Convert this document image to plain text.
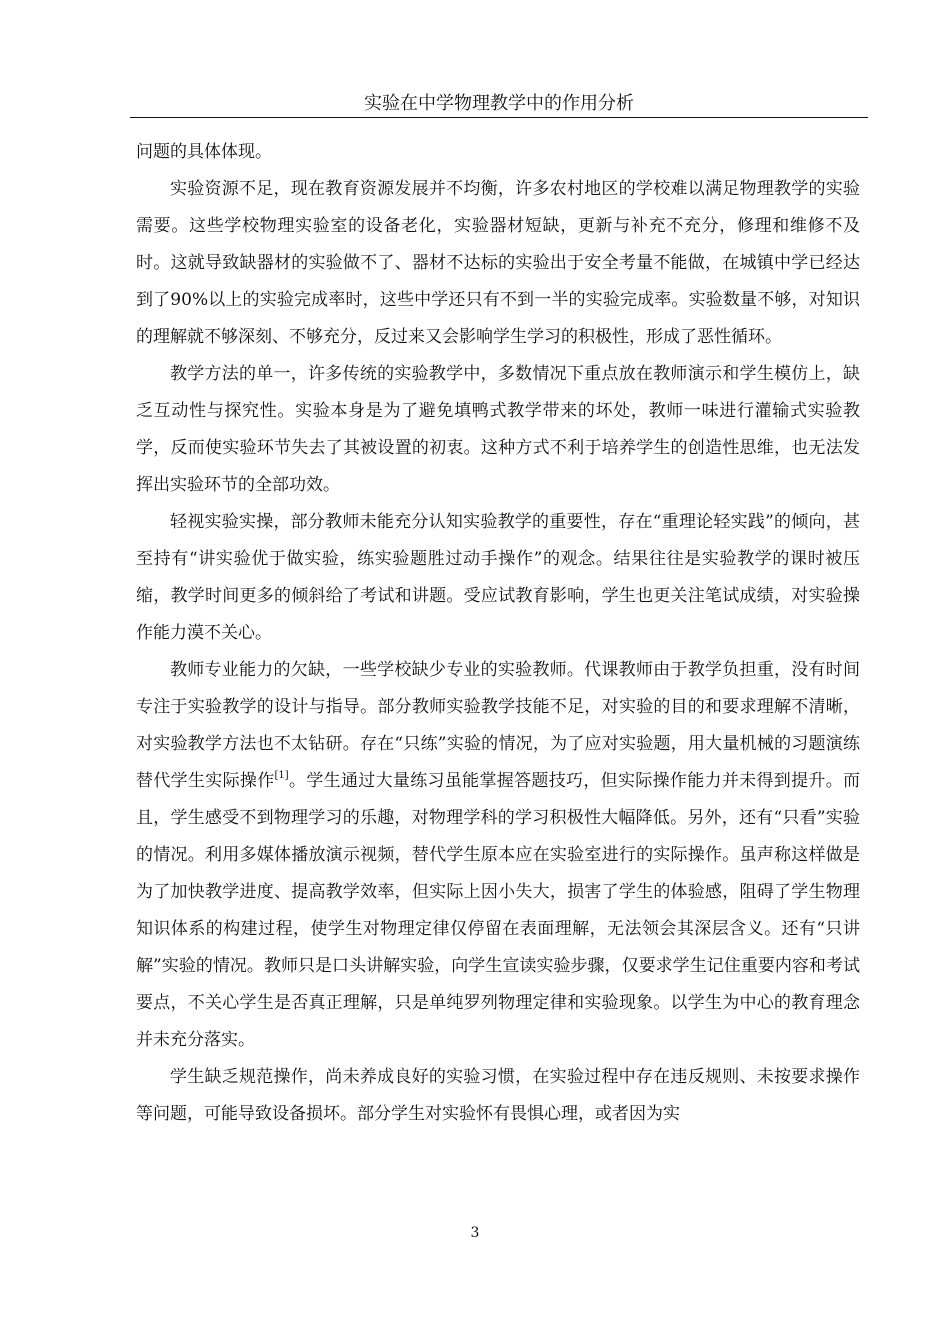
实验在中学物理教学中的作用分析

问题的具体体现。

实验资源不足，现在教育资源发展并不均衡，许多农村地区的学校难以满足物理教学的实验需要。这些学校物理实验室的设备老化，实验器材短缺，更新与补充不充分，修理和维修不及时。这就导致缺器材的实验做不了、器材不达标的实验出于安全考量不能做，在城镇中学已经达到了90%以上的实验完成率时，这些中学还只有不到一半的实验完成率。实验数量不够，对知识的理解就不够深刻、不够充分，反过来又会影响学生学习的积极性，形成了恶性循环。

教学方法的单一，许多传统的实验教学中，多数情况下重点放在教师演示和学生模仿上，缺乏互动性与探究性。实验本身是为了避免填鸭式教学带来的坏处，教师一味进行灌输式实验教学，反而使实验环节失去了其被设置的初衷。这种方式不利于培养学生的创造性思维，也无法发挥出实验环节的全部功效。

轻视实验实操，部分教师未能充分认知实验教学的重要性，存在“重理论轻实践”的倾向，甚至持有“讲实验优于做实验，练实验题胜过动手操作”的观念。结果往往是实验教学的课时被压缩，教学时间更多的倾斜给了考试和讲题。受应试教育影响，学生也更关注笔试成绩，对实验操作能力漠不关心。

教师专业能力的欠缺，一些学校缺少专业的实验教师。代课教师由于教学负担重，没有时间专注于实验教学的设计与指导。部分教师实验教学技能不足，对实验的目的和要求理解不清晰，对实验教学方法也不太钻研。存在“只练”实验的情况，为了应对实验题，用大量机械的习题演练替代学生实际操作[1]。学生通过大量练习虽能掌握答题技巧，但实际操作能力并未得到提升。而且，学生感受不到物理学习的乐趣，对物理学科的学习积极性大幅降低。另外，还有“只看”实验的情况。利用多媒体播放演示视频，替代学生原本应在实验室进行的实际操作。虽声称这样做是为了加快教学进度、提高教学效率，但实际上因小失大，损害了学生的体验感，阻碍了学生物理知识体系的构建过程，使学生对物理定律仅停留在表面理解，无法领会其深层含义。还有“只讲解”实验的情况。教师只是口头讲解实验，向学生宣读实验步骤，仅要求学生记住重要内容和考试要点，不关心学生是否真正理解，只是单纯罗列物理定律和实验现象。以学生为中心的教育理念并未充分落实。

学生缺乏规范操作，尚未养成良好的实验习惯，在实验过程中存在违反规则、未按要求操作等问题，可能导致设备损坏。部分学生对实验怀有畏惧心理，或者因为实

3
